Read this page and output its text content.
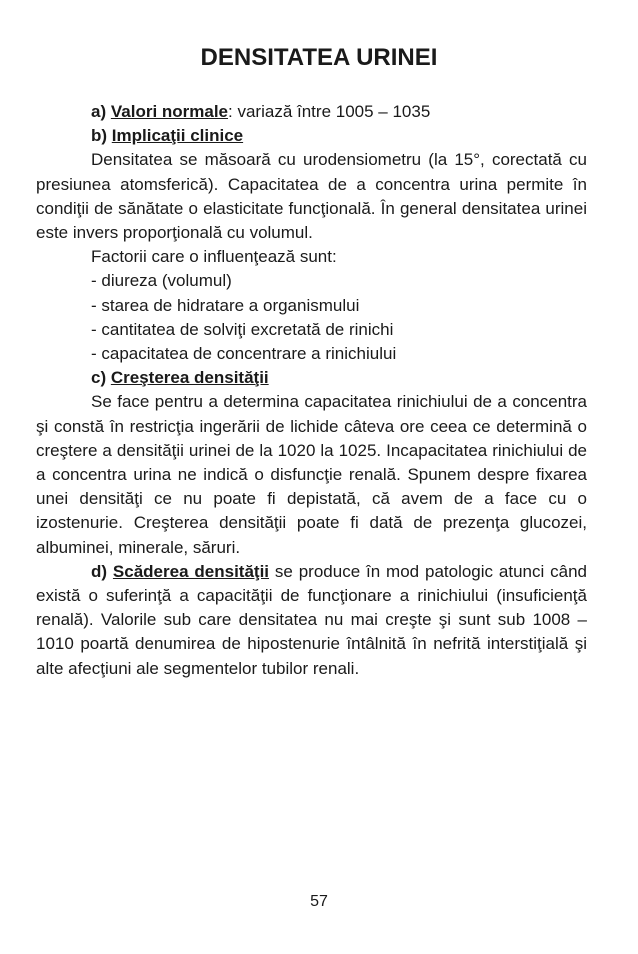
DENSITATEA URINEI

a) Valori normale: variază între 1005 – 1035

b) Implicaţii clinice

Densitatea se măsoară cu urodensiometru (la 15°, corectată cu presiunea atomsferică). Capacitatea de a concentra urina permite în condiţii de sănătate o elasticitate funcţională. În general densitatea urinei este invers proporţională cu volumul.

Factorii care o influenţează sunt:

- diureza (volumul)
- starea de hidratare a organismului
- cantitatea de solviţi excretată de rinichi
- capacitatea de concentrare a rinichiului

c) Creşterea densităţii

Se face pentru a determina capacitatea rinichiului de a concentra şi constă în restricţia ingerării de lichide câteva ore ceea ce determină o creştere a densităţii urinei de la 1020 la 1025. Incapacitatea rinichiului de a concentra urina ne indică o disfuncţie renală. Spunem despre fixarea unei densităţi ce nu poate fi depistată, că avem de a face cu o izostenurie. Creşterea densităţii poate fi dată de prezenţa glucozei, albuminei, minerale, săruri.

d) Scăderea densităţii se produce în mod patologic atunci când există o suferinţă a capacităţii de funcţionare a rinichiului (insuficienţă renală). Valorile sub care densitatea nu mai creşte şi sunt sub 1008 – 1010 poartă denumirea de hipostenurie întâlnită în nefrită interstiţială şi alte afecţiuni ale segmentelor tubilor renali.

57
